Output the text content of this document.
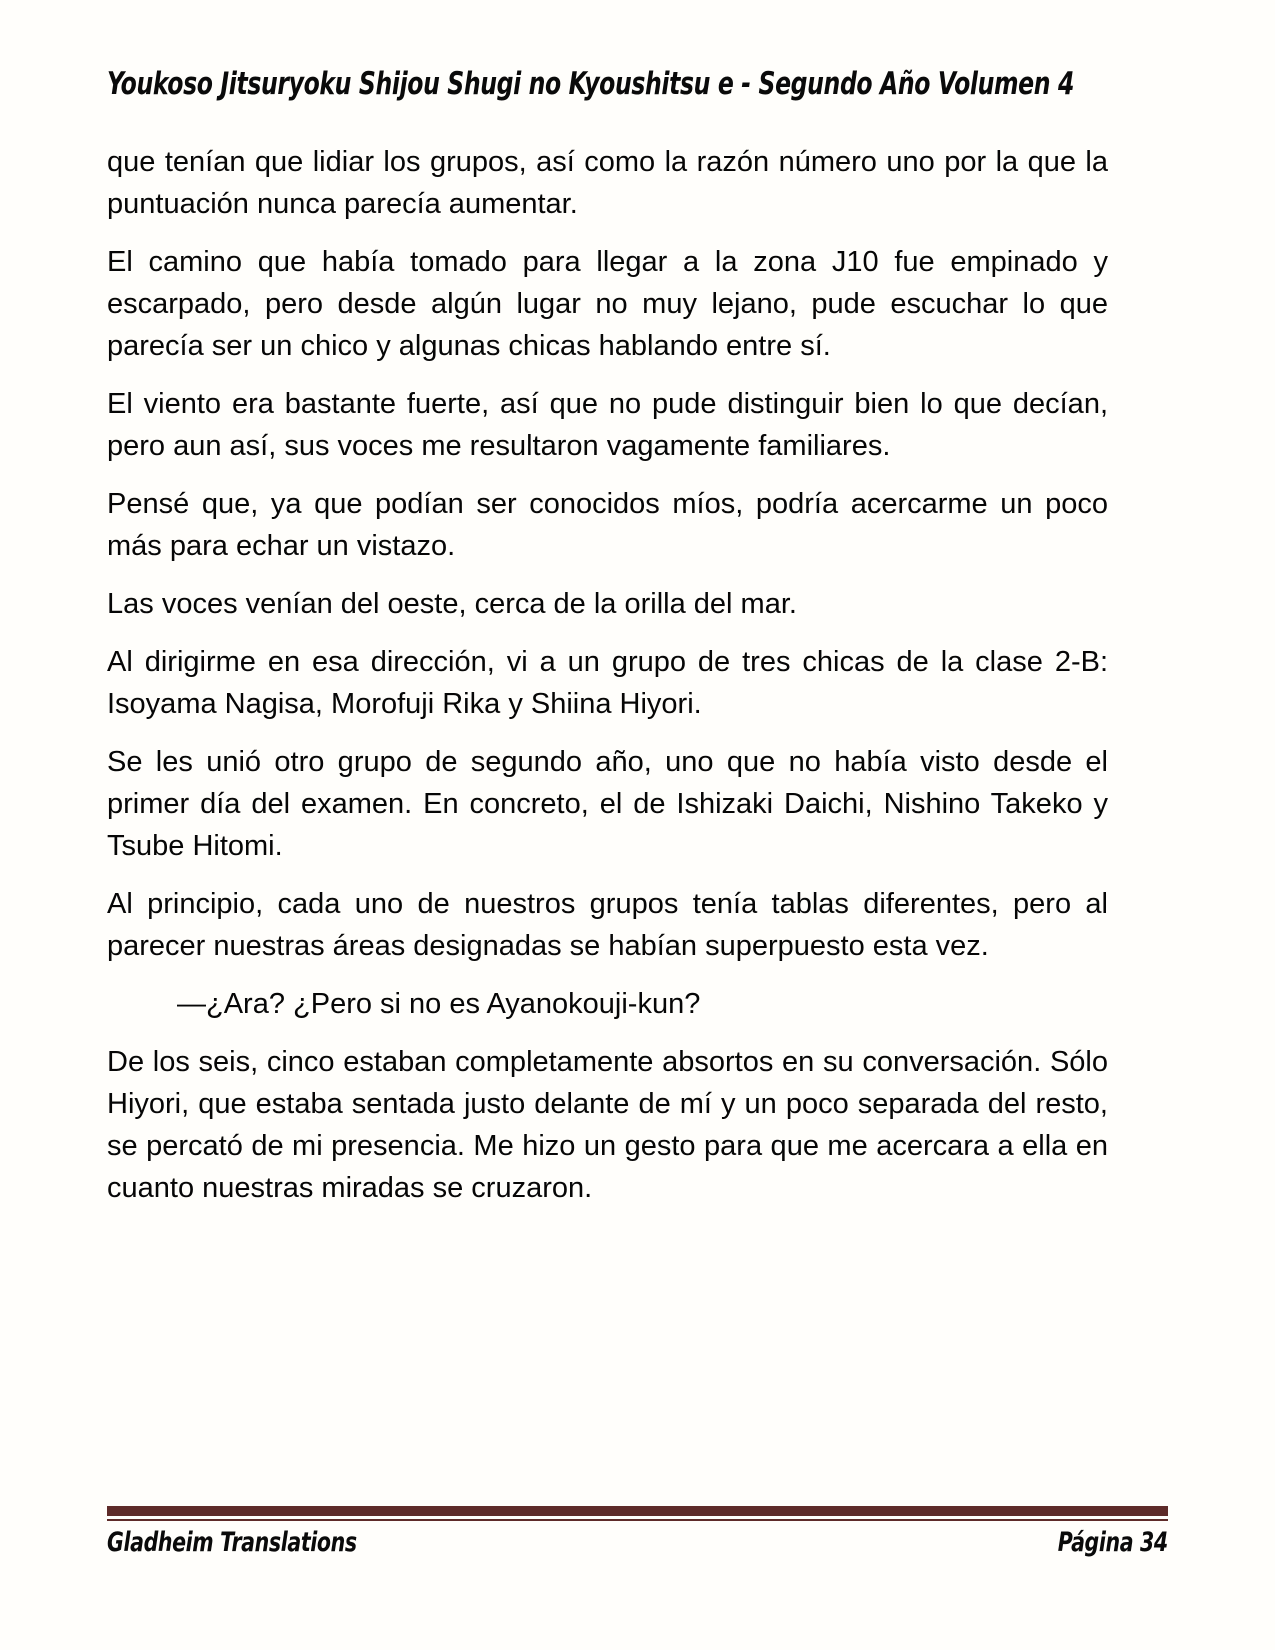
Youkoso Jitsuryoku Shijou Shugi no Kyoushitsu e - Segundo Año Volumen 4

que tenían que lidiar los grupos, así como la razón número uno por la que la puntuación nunca parecía aumentar.

El camino que había tomado para llegar a la zona J10 fue empinado y escarpado, pero desde algún lugar no muy lejano, pude escuchar lo que parecía ser un chico y algunas chicas hablando entre sí.

El viento era bastante fuerte, así que no pude distinguir bien lo que decían, pero aun así, sus voces me resultaron vagamente familiares.

Pensé que, ya que podían ser conocidos míos, podría acercarme un poco más para echar un vistazo.

Las voces venían del oeste, cerca de la orilla del mar.

Al dirigirme en esa dirección, vi a un grupo de tres chicas de la clase 2-B: Isoyama Nagisa, Morofuji Rika y Shiina Hiyori.

Se les unió otro grupo de segundo año, uno que no había visto desde el primer día del examen. En concreto, el de Ishizaki Daichi, Nishino Takeko y Tsube Hitomi.

Al principio, cada uno de nuestros grupos tenía tablas diferentes, pero al parecer nuestras áreas designadas se habían superpuesto esta vez.

—¿Ara? ¿Pero si no es Ayanokouji-kun?

De los seis, cinco estaban completamente absortos en su conversación. Sólo Hiyori, que estaba sentada justo delante de mí y un poco separada del resto, se percató de mi presencia. Me hizo un gesto para que me acercara a ella en cuanto nuestras miradas se cruzaron.

Gladheim Translations	Página 34
